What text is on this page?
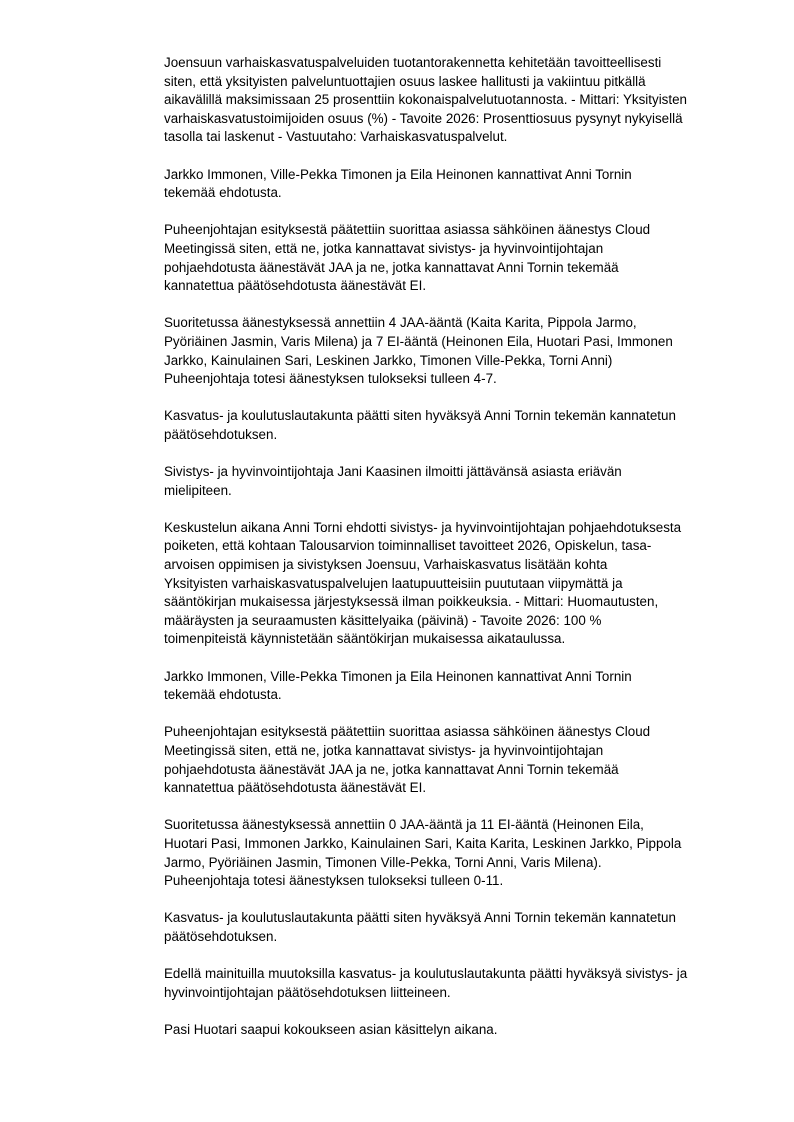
Joensuun varhaiskasvatuspalveluiden tuotantorakennetta kehitetään tavoitteellisesti
siten, että yksityisten palveluntuottajien osuus laskee hallitusti ja vakiintuu pitkällä
aikavälillä maksimissaan 25 prosenttiin kokonaispalvelutuotannosta. - Mittari: Yksityisten
varhaiskasvatustoimijoiden osuus (%) - Tavoite 2026: Prosenttiosuus pysynyt nykyisellä
tasolla tai laskenut - Vastuutaho: Varhaiskasvatuspalvelut.

Jarkko Immonen, Ville-Pekka Timonen ja Eila Heinonen kannattivat Anni Tornin
tekemää ehdotusta.

Puheenjohtajan esityksestä päätettiin suorittaa asiassa sähköinen äänestys Cloud
Meetingissä siten, että ne, jotka kannattavat sivistys- ja hyvinvointijohtajan
pohjaehdotusta äänestävät JAA ja ne, jotka kannattavat Anni Tornin tekemää
kannatettua päätösehdotusta äänestävät EI.

Suoritetussa äänestyksessä annettiin 4 JAA-ääntä (Kaita Karita, Pippola Jarmo,
Pyöriäinen Jasmin, Varis Milena) ja 7 EI-ääntä (Heinonen Eila, Huotari Pasi, Immonen
Jarkko, Kainulainen Sari, Leskinen Jarkko, Timonen Ville-Pekka, Torni Anni)
Puheenjohtaja totesi äänestyksen tulokseksi tulleen 4-7.

Kasvatus- ja koulutuslautakunta päätti siten hyväksyä Anni Tornin tekemän kannatetun
päätösehdotuksen.

Sivistys- ja hyvinvointijohtaja Jani Kaasinen ilmoitti jättävänsä asiasta eriävän
mielipiteen.

Keskustelun aikana Anni Torni ehdotti sivistys- ja hyvinvointijohtajan pohjaehdotuksesta
poiketen, että kohtaan Talousarvion toiminnalliset tavoitteet 2026, Opiskelun, tasa-
arvoisen oppimisen ja sivistyksen Joensuu, Varhaiskasvatus lisätään kohta
Yksityisten varhaiskasvatuspalvelujen laatupuutteisiin puututaan viipymättä ja
sääntökirjan mukaisessa järjestyksessä ilman poikkeuksia. - Mittari: Huomautusten,
määräysten ja seuraamusten käsittelyaika (päivinä) - Tavoite 2026: 100 %
toimenpiteistä käynnistetään sääntökirjan mukaisessa aikataulussa.

Jarkko Immonen, Ville-Pekka Timonen ja Eila Heinonen kannattivat Anni Tornin
tekemää ehdotusta.

Puheenjohtajan esityksestä päätettiin suorittaa asiassa sähköinen äänestys Cloud
Meetingissä siten, että ne, jotka kannattavat sivistys- ja hyvinvointijohtajan
pohjaehdotusta äänestävät JAA ja ne, jotka kannattavat Anni Tornin tekemää
kannatettua päätösehdotusta äänestävät EI.

Suoritetussa äänestyksessä annettiin 0 JAA-ääntä ja 11 EI-ääntä (Heinonen Eila,
Huotari Pasi, Immonen Jarkko, Kainulainen Sari, Kaita Karita, Leskinen Jarkko, Pippola
Jarmo, Pyöriäinen Jasmin, Timonen Ville-Pekka, Torni Anni, Varis Milena).
Puheenjohtaja totesi äänestyksen tulokseksi tulleen 0-11.

Kasvatus- ja koulutuslautakunta päätti siten hyväksyä Anni Tornin tekemän kannatetun
päätösehdotuksen.

Edellä mainituilla muutoksilla kasvatus- ja koulutuslautakunta päätti hyväksyä sivistys- ja
hyvinvointijohtajan päätösehdotuksen liitteineen.

Pasi Huotari saapui kokoukseen asian käsittelyn aikana.
